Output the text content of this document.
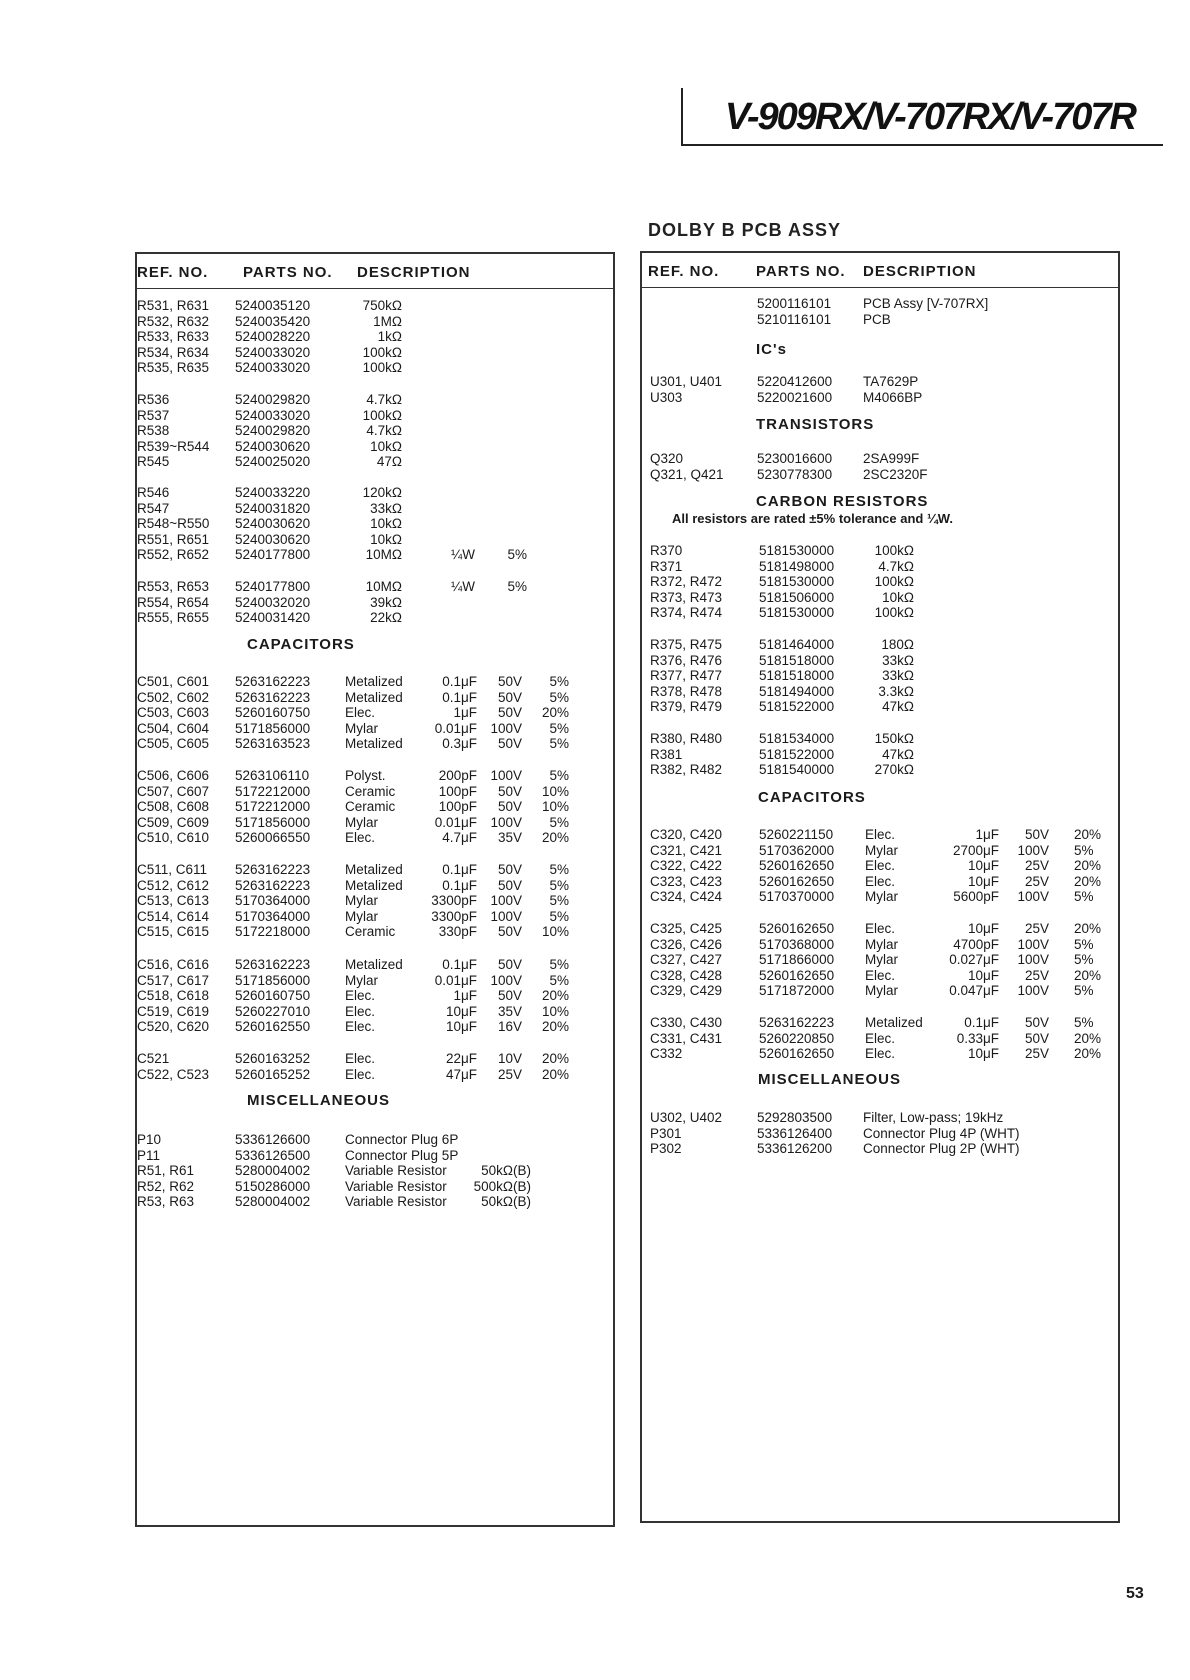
V-909RX/V-707RX/V-707R
DOLBY B PCB ASSY
REF. NO. PARTS NO. DESCRIPTION
R531, R631 5240035120	750kΩ
R532, R632 5240035420	1MΩ
R533, R633 5240028220	1kΩ
R534, R634 5240033020	100kΩ
R535, R635 5240033020	100kΩ
R536	5240029820	4.7kΩ
R537	5240033020	100kΩ
R538	5240029820	4.7kΩ
R539~R544 5240030620	10kΩ
R545	5240025020	47Ω
R546	5240033220	120kΩ
R547	5240031820	33kΩ
R548~R550 5240030620	10kΩ
R551, R651 5240030620	10kΩ
R552, R652 5240177800	10MΩ	¼W 5%
R553, R653 5240177800	10MΩ	¼W 5%
R554, R654 5240032020	39kΩ
R555, R655 5240031420	22kΩ
CAPACITORS
C501, C601 5263162223	Metalized	0.1μF 50V 5%
C502, C602 5263162223	Metalized	0.1μF 50V 5%
C503, C603 5260160750	Elec.	1μF 50V 20%
C504, C604 5171856000	Mylar	0.01μF 100V 5%
C505, C605 5263163523	Metalized	0.3μF 50V 5%
C506, C606 5263106110	Polyst.	200pF 100V 5%
C507, C607 5172212000	Ceramic	100pF 50V 10%
C508, C608 5172212000	Ceramic	100pF 50V 10%
C509, C609 5171856000	Mylar	0.01μF 100V 5%
C510, C610 5260066550	Elec.	4.7μF 35V 20%
C511, C611 5263162223	Metalized	0.1μF 50V 5%
C512, C612 5263162223	Metalized	0.1μF 50V 5%
C513, C613 5170364000	Mylar	3300pF 100V 5%
C514, C614 5170364000	Mylar	3300pF 100V 5%
C515, C615 5172218000	Ceramic	330pF 50V 10%
C516, C616 5263162223	Metalized	0.1μF 50V 5%
C517, C617 5171856000	Mylar	0.01μF 100V 5%
C518, C618 5260160750	Elec.	1μF 50V 20%
C519, C619 5260227010	Elec.	10μF 35V 10%
C520, C620 5260162550	Elec.	10μF 16V 20%
C521	5260163252	Elec.	22μF 10V 20%
C522, C523 5260165252	Elec.	47μF 25V 20%
MISCELLANEOUS
P10	5336126600	Connector Plug 6P
P11	5336126500	Connector Plug 5P
R51, R61	5280004002	Variable Resistor	50kΩ(B)
R52, R62	5150286000	Variable Resistor 500kΩ(B)
R53, R63	5280004002	Variable Resistor	50kΩ(B)
REF. NO. PARTS NO. DESCRIPTION
5200116101 PCB Assy [V-707RX]
5210116101 PCB
IC's
U301, U401	5220412600 TA7629P
U303	5220021600 M4066BP
TRANSISTORS
Q320	5230016600 2SA999F
Q321, Q421 5230778300 2SC2320F
CARBON RESISTORS
All resistors are rated ±5% tolerance and ¼W.
R370	5181530000	100kΩ
R371	5181498000	4.7kΩ
R372, R472	5181530000	100kΩ
R373, R473	5181506000	10kΩ
R374, R474	5181530000	100kΩ
R375, R475	5181464000	180Ω
R376, R476	5181518000	33kΩ
R377, R477	5181518000	33kΩ
R378, R478	5181494000	3.3kΩ
R379, R479	5181522000	47kΩ
R380, R480	5181534000	150kΩ
R381	5181522000	47kΩ
R382, R482	5181540000	270kΩ
CAPACITORS
C320, C420	5260221150 Elec.	1μF 50V 20%
C321, C421	5170362000 Mylar	2700μF 100V 5%
C322, C422	5260162650 Elec.	10μF 25V 20%
C323, C423	5260162650 Elec.	10μF 25V 20%
C324, C424	5170370000 Mylar	5600pF 100V 5%
C325, C425	5260162650 Elec.	10μF 25V 20%
C326, C426	5170368000 Mylar	4700pF 100V 5%
C327, C427	5171866000 Mylar	0.027μF 100V 5%
C328, C428	5260162650 Elec.	10μF 25V 20%
C329, C429	5171872000 Mylar	0.047μF 100V 5%
C330, C430	5263162223 Metalized	0.1μF 50V 5%
C331, C431	5260220850 Elec.	0.33μF 50V 20%
C332	5260162650 Elec.	10μF 25V 20%
MISCELLANEOUS
U302, U402	5292803500 Filter, Low-pass; 19kHz
P301	5336126400 Connector Plug 4P (WHT)
P302	5336126200 Connector Plug 2P (WHT)
53
